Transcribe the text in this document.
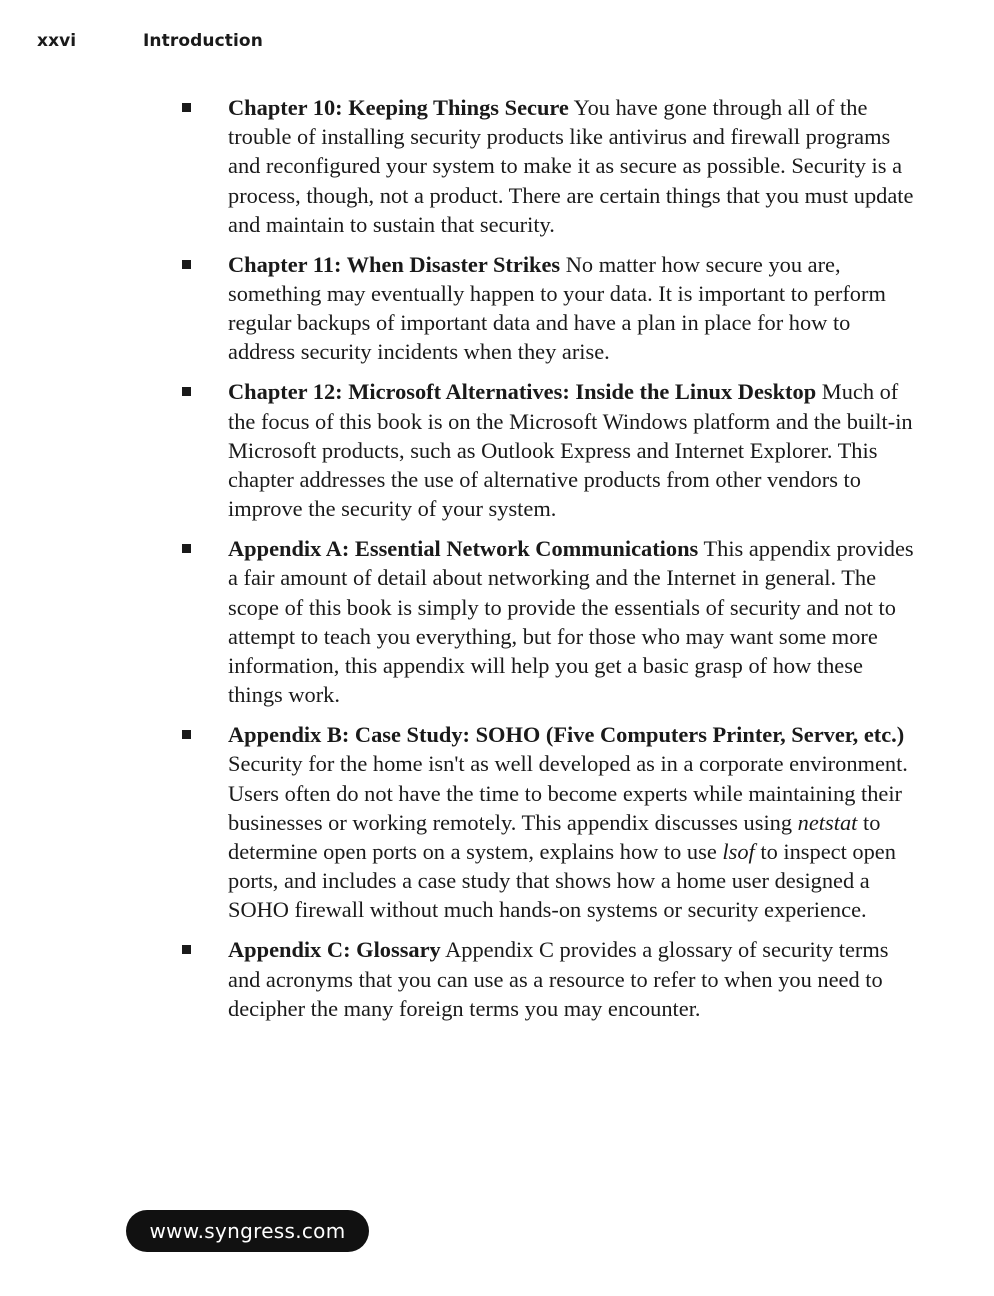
xxvi	Introduction
Chapter 10: Keeping Things Secure You have gone through all of the trouble of installing security products like antivirus and firewall programs and reconfigured your system to make it as secure as possible. Security is a process, though, not a product. There are certain things that you must update and maintain to sustain that security.
Chapter 11: When Disaster Strikes No matter how secure you are, something may eventually happen to your data. It is important to perform regular backups of important data and have a plan in place for how to address security incidents when they arise.
Chapter 12: Microsoft Alternatives: Inside the Linux Desktop Much of the focus of this book is on the Microsoft Windows platform and the built-in Microsoft products, such as Outlook Express and Internet Explorer. This chapter addresses the use of alternative products from other vendors to improve the security of your system.
Appendix A: Essential Network Communications This appendix provides a fair amount of detail about networking and the Internet in general. The scope of this book is simply to provide the essentials of security and not to attempt to teach you everything, but for those who may want some more information, this appendix will help you get a basic grasp of how these things work.
Appendix B: Case Study: SOHO (Five Computers Printer, Server, etc.) Security for the home isn't as well developed as in a corporate environment. Users often do not have the time to become experts while maintaining their businesses or working remotely. This appendix discusses using netstat to determine open ports on a system, explains how to use lsof to inspect open ports, and includes a case study that shows how a home user designed a SOHO firewall without much hands-on systems or security experience.
Appendix C: Glossary Appendix C provides a glossary of security terms and acronyms that you can use as a resource to refer to when you need to decipher the many foreign terms you may encounter.
www.syngress.com
